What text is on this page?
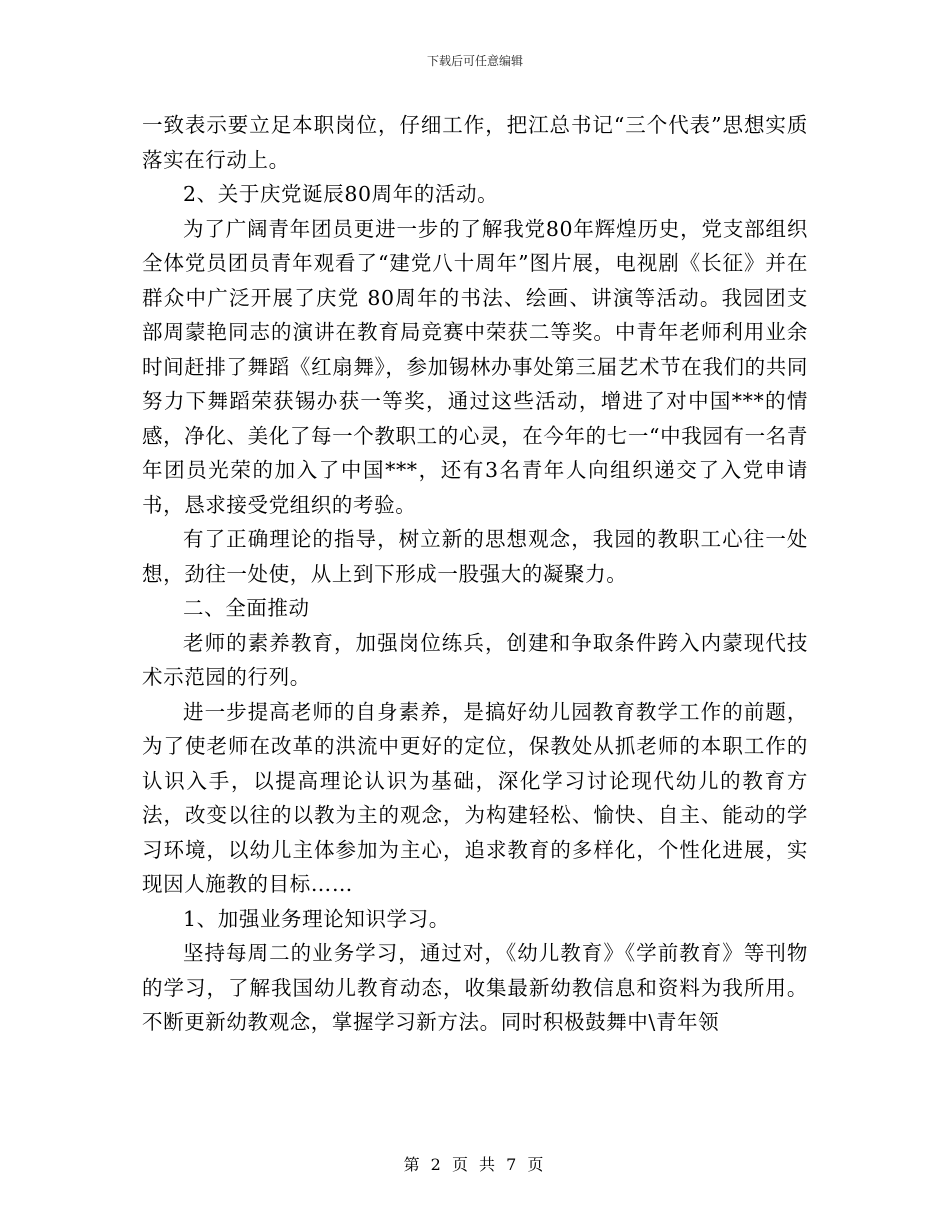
下载后可任意编辑

一致表示要立足本职岗位，仔细工作，把江总书记“三个代表”思想实质落实在行动上。

2、关于庆党诞辰80周年的活动。

为了广阔青年团员更进一步的了解我党80年辉煌历史，党支部组织全体党员团员青年观看了“建党八十周年”图片展，电视剧《长征》并在群众中广泛开展了庆党 80周年的书法、绘画、讲演等活动。我园团支部周蒙艳同志的演讲在教育局竞赛中荣获二等奖。中青年老师利用业余时间赶排了舞蹈《红扇舞》，参加锡林办事处第三届艺术节在我们的共同努力下舞蹈荣获锡办获一等奖，通过这些活动，增进了对中国***的情感，净化、美化了每一个教职工的心灵，在今年的七一“中我园有一名青年团员光荣的加入了中国***，还有3名青年人向组织递交了入党申请书，恳求接受党组织的考验。

有了正确理论的指导，树立新的思想观念，我园的教职工心往一处想，劲往一处使，从上到下形成一股强大的凝聚力。

二、全面推动

老师的素养教育，加强岗位练兵，创建和争取条件跨入内蒙现代技术示范园的行列。

进一步提高老师的自身素养，是搞好幼儿园教育教学工作的前题，为了使老师在改革的洪流中更好的定位，保教处从抓老师的本职工作的认识入手，以提高理论认识为基础，深化学习讨论现代幼儿的教育方法，改变以往的以教为主的观念，为构建轻松、愉快、自主、能动的学习环境，以幼儿主体参加为主心，追求教育的多样化，个性化进展，实现因人施教的目标……

1、加强业务理论知识学习。

坚持每周二的业务学习，通过对，《幼儿教育》《学前教育》等刊物的学习，了解我国幼儿教育动态，收集最新幼教信息和资料为我所用。不断更新幼教观念，掌握学习新方法。同时积极鼓舞中\青年领

第 2 页 共 7 页
